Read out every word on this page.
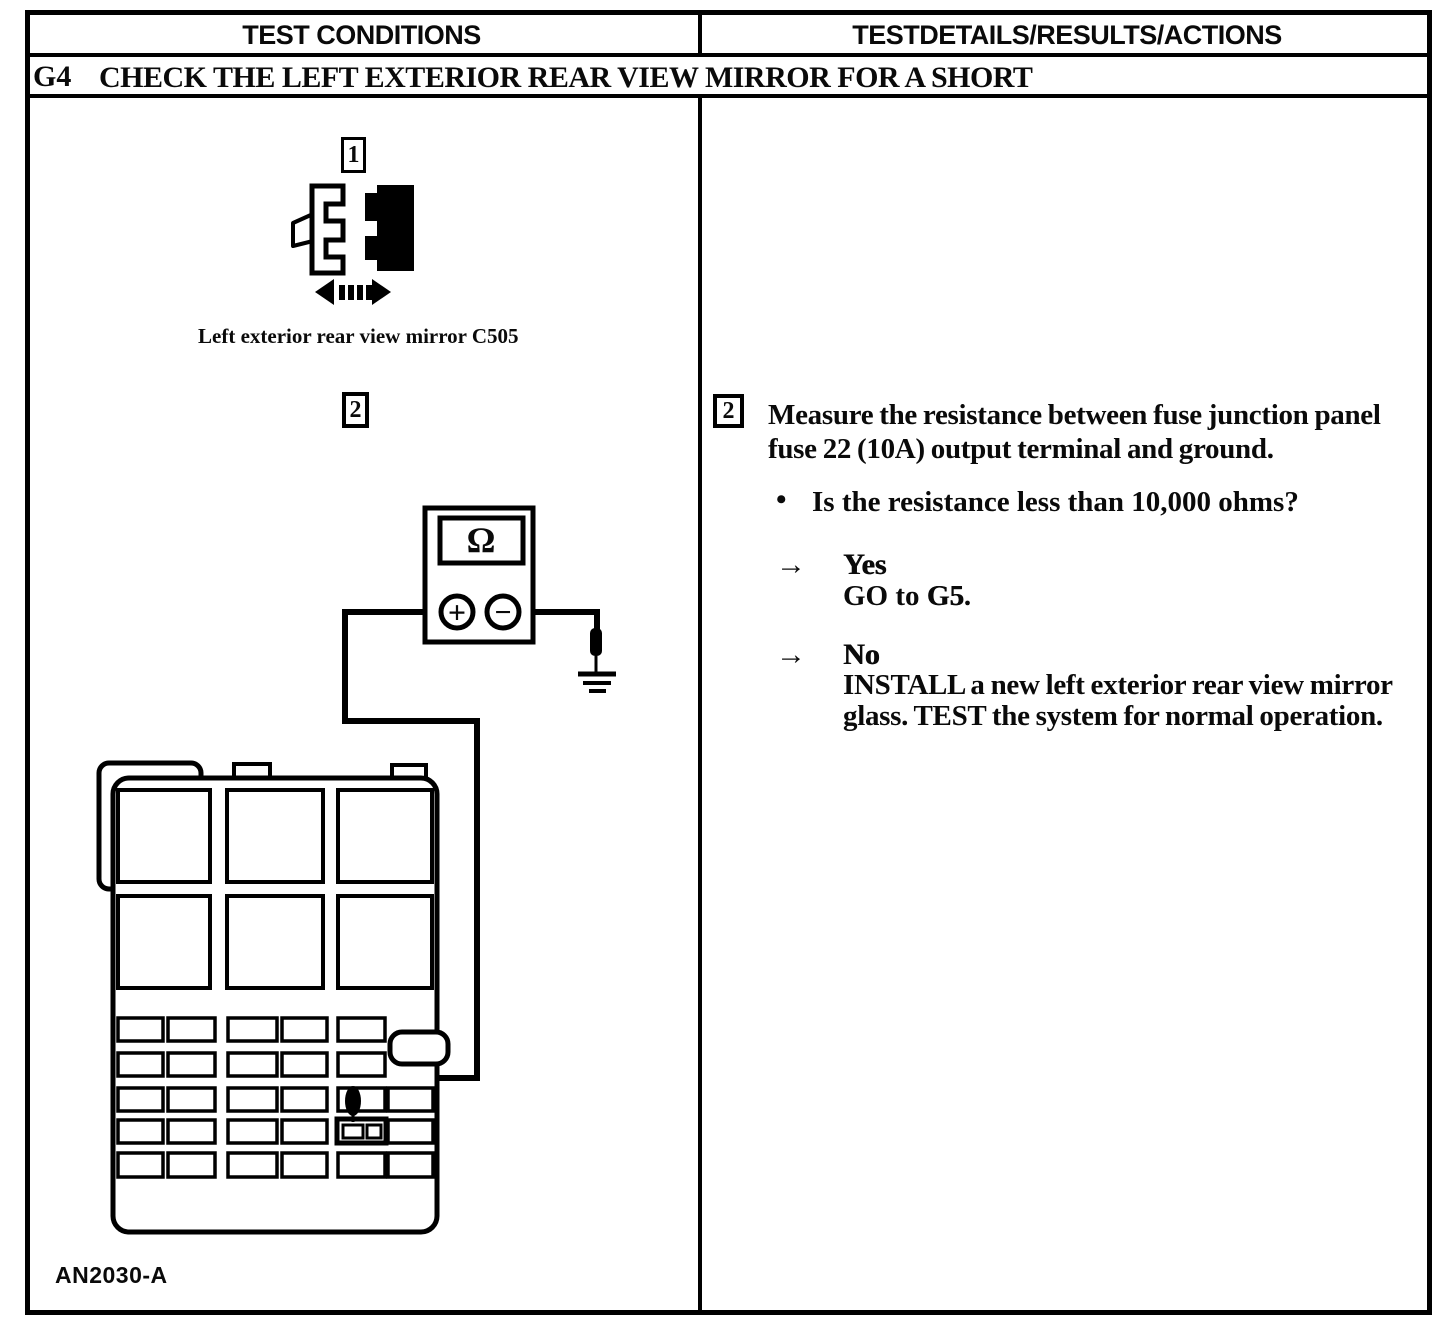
TEST CONDITIONS	TESTDETAILS/RESULTS/ACTIONS
G4 CHECK THE LEFT EXTERIOR REAR VIEW MIRROR FOR A SHORT
1
Ω
+ −
Left exterior rear view mirror C505
2
AN2030-A
2	Measure the resistance between fuse junction panel fuse 22 (10A) output terminal and ground.
• Is the resistance less than 10,000 ohms?
→ Yes
GO to G5.
→ No
INSTALL a new left exterior rear view mirror glass. TEST the system for normal operation.
